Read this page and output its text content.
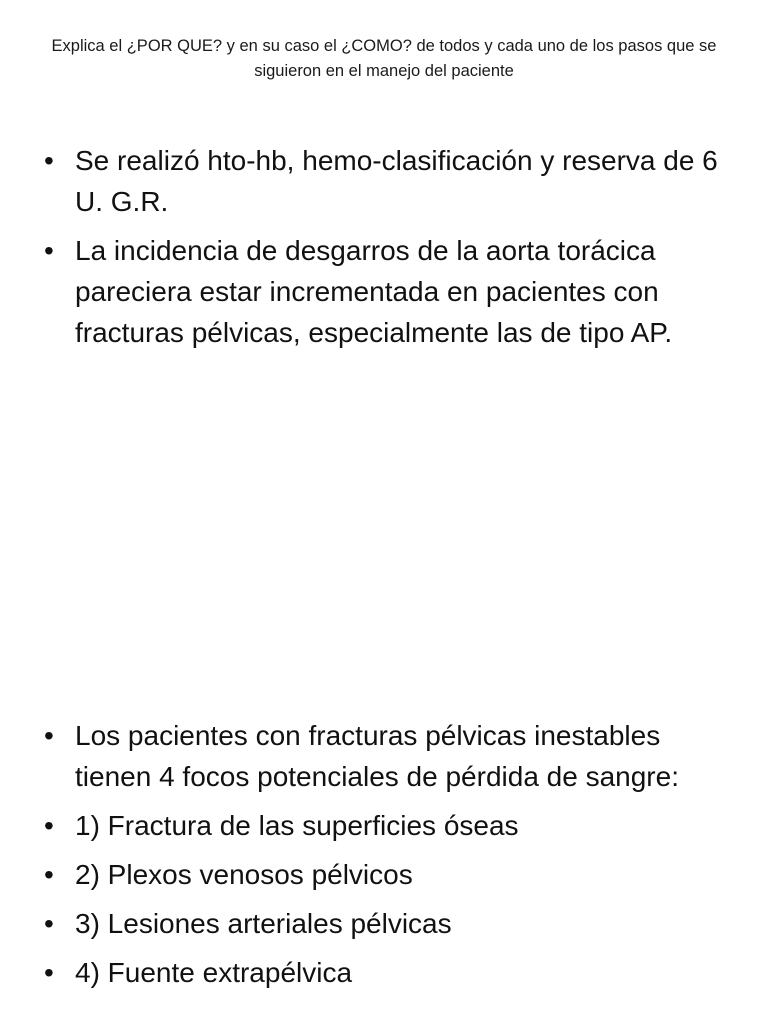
Explica el ¿POR QUE? y en su caso el ¿COMO? de todos y cada uno de los pasos que se siguieron en el manejo del paciente
• Se realizó hto-hb, hemo-clasificación y reserva de 6 U. G.R.
• La incidencia de desgarros de la aorta torácica pareciera estar incrementada en pacientes con fracturas pélvicas, especialmente las de tipo AP.
• Los pacientes con fracturas pélvicas inestables tienen 4 focos potenciales de pérdida de sangre:
• 1) Fractura de las superficies óseas
• 2) Plexos venosos pélvicos
• 3) Lesiones arteriales pélvicas
• 4) Fuente extrapélvica
